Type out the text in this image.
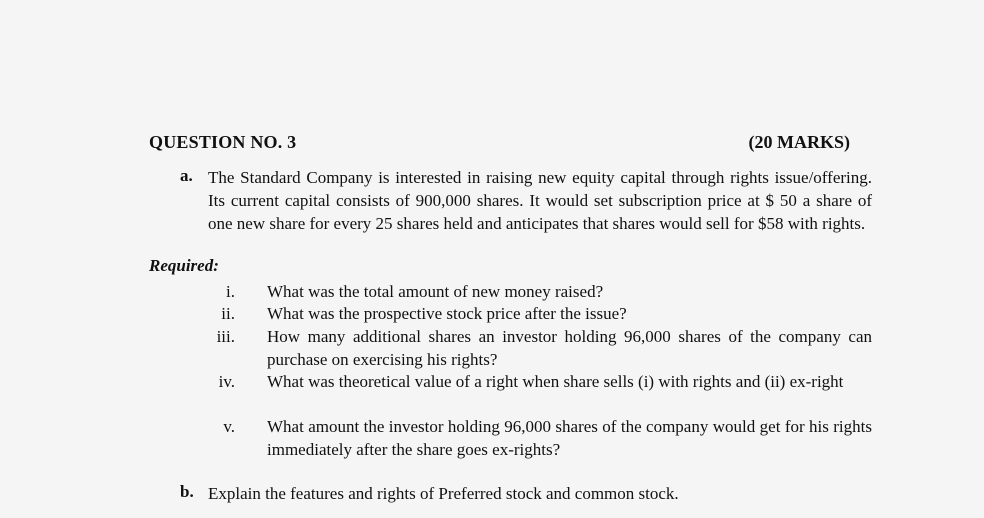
QUESTION NO. 3	(20 MARKS)
a. The Standard Company is interested in raising new equity capital through rights issue/offering. Its current capital consists of 900,000 shares. It would set subscription price at $ 50 a share of one new share for every 25 shares held and anticipates that shares would sell for $58 with rights.
Required:
i. What was the total amount of new money raised?
ii. What was the prospective stock price after the issue?
iii. How many additional shares an investor holding 96,000 shares of the company can purchase on exercising his rights?
iv. What was theoretical value of a right when share sells (i) with rights and (ii) ex-right
v. What amount the investor holding 96,000 shares of the company would get for his rights immediately after the share goes ex-rights?
b. Explain the features and rights of Preferred stock and common stock.
